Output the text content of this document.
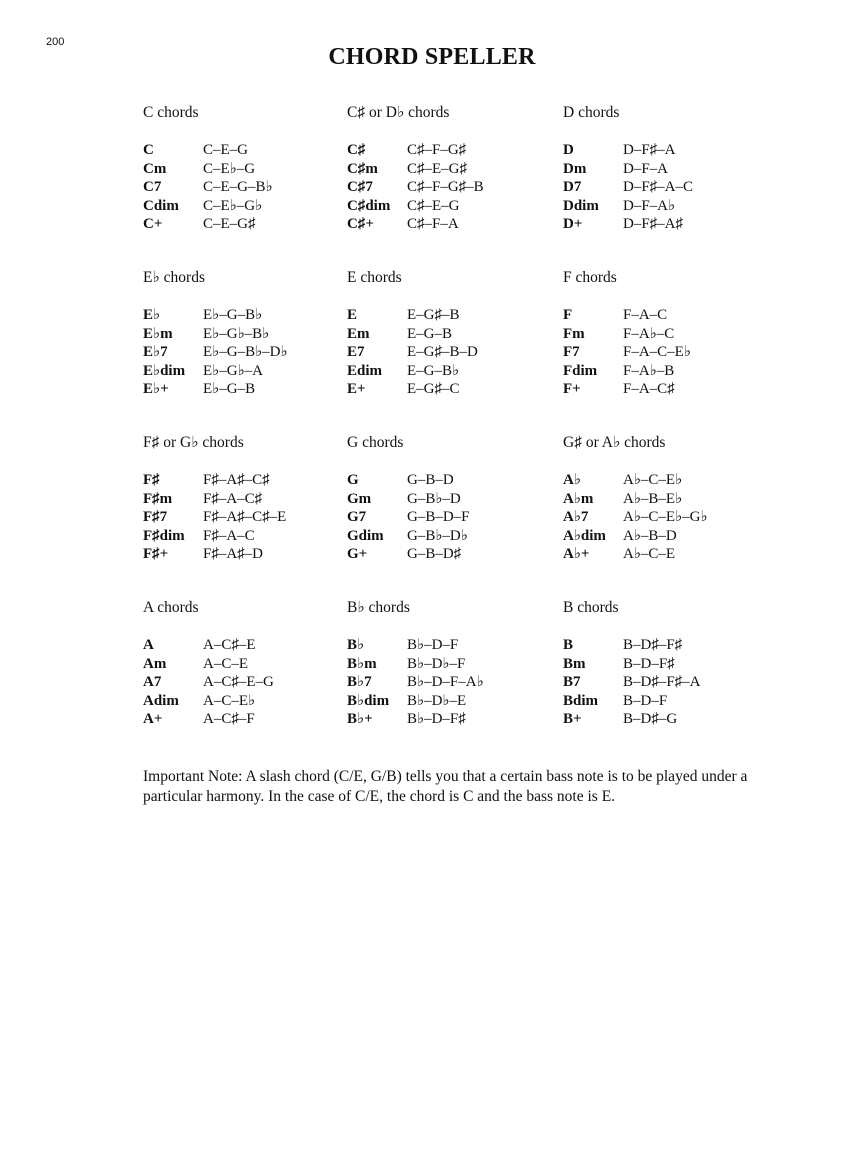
200
CHORD SPELLER
C chords
C	C–E–G
Cm	C–E♭–G
C7	C–E–G–B♭
Cdim	C–E♭–G♭
C+	C–E–G♯
C♯ or D♭ chords
C♯	C♯–F–G♯
C♯m	C♯–E–G♯
C♯7	C♯–F–G♯–B
C♯dim	C♯–E–G
C♯+	C♯–F–A
D chords
D	D–F♯–A
Dm	D–F–A
D7	D–F♯–A–C
Ddim	D–F–A♭
D+	D–F♯–A♯
E♭ chords
E♭	E♭–G–B♭
E♭m	E♭–G♭–B♭
E♭7	E♭–G–B♭–D♭
E♭dim	E♭–G♭–A
E♭+	E♭–G–B
E chords
E	E–G♯–B
Em	E–G–B
E7	E–G♯–B–D
Edim	E–G–B♭
E+	E–G♯–C
F chords
F	F–A–C
Fm	F–A♭–C
F7	F–A–C–E♭
Fdim	F–A♭–B
F+	F–A–C♯
F♯ or G♭ chords
F♯	F♯–A♯–C♯
F♯m	F♯–A–C♯
F♯7	F♯–A♯–C♯–E
F♯dim	F♯–A–C
F♯+	F♯–A♯–D
G chords
G	G–B–D
Gm	G–B♭–D
G7	G–B–D–F
Gdim	G–B♭–D♭
G+	G–B–D♯
G♯ or A♭ chords
A♭	A♭–C–E♭
A♭m	A♭–B–E♭
A♭7	A♭–C–E♭–G♭
A♭dim	A♭–B–D
A♭+	A♭–C–E
A chords
A	A–C♯–E
Am	A–C–E
A7	A–C♯–E–G
Adim	A–C–E♭
A+	A–C♯–F
B♭ chords
B♭	B♭–D–F
B♭m	B♭–D♭–F
B♭7	B♭–D–F–A♭
B♭dim	B♭–D♭–E
B♭+	B♭–D–F♯
B chords
B	B–D♯–F♯
Bm	B–D–F♯
B7	B–D♯–F♯–A
Bdim	B–D–F
B+	B–D♯–G

Important Note: A slash chord (C/E, G/B) tells you that a certain bass note is to be played under a particular harmony. In the case of C/E, the chord is C and the bass note is E.
